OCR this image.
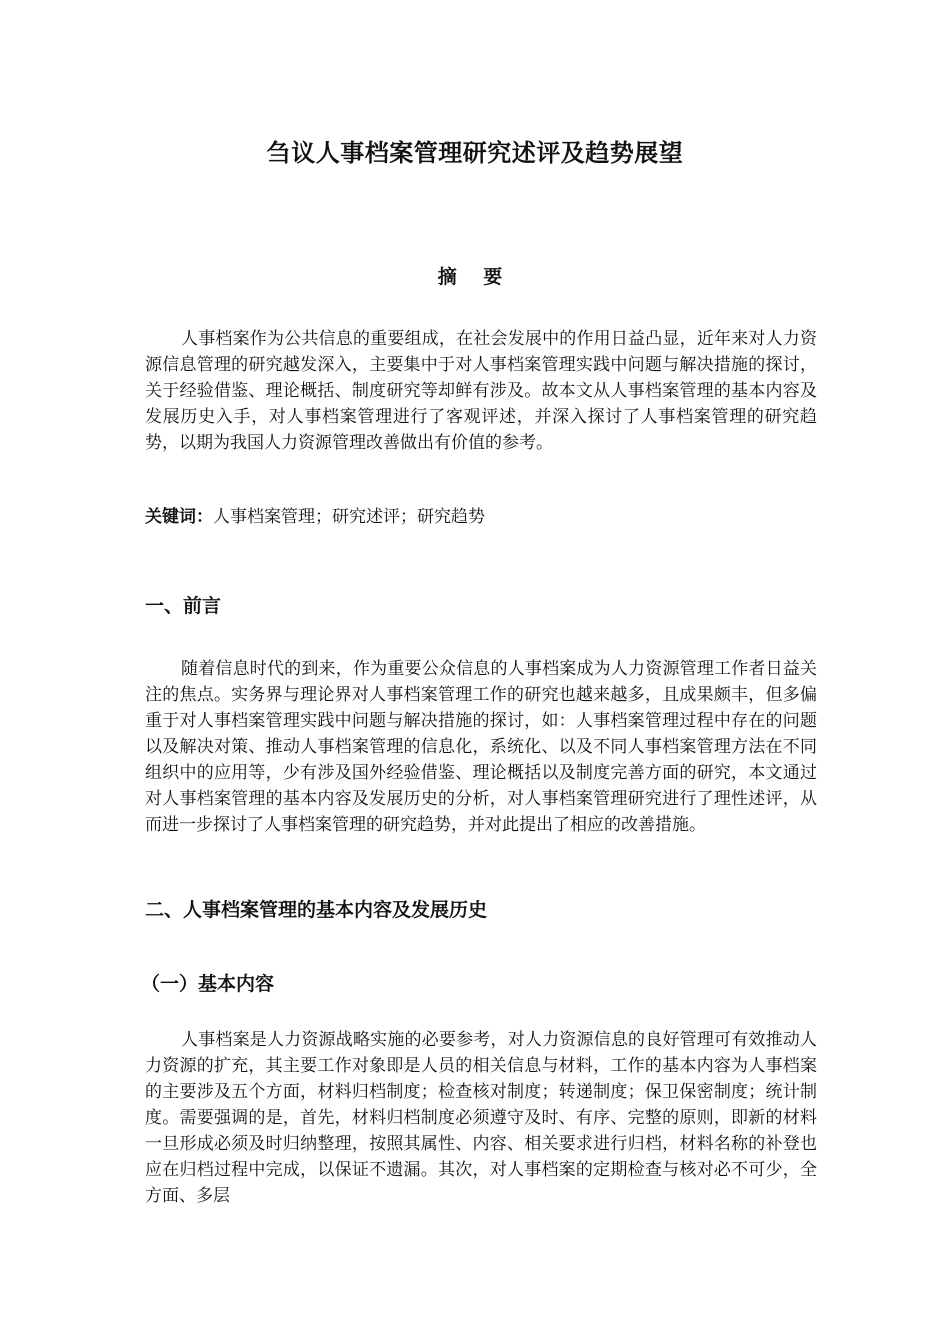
刍议人事档案管理研究述评及趋势展望
摘 要

人事档案作为公共信息的重要组成，在社会发展中的作用日益凸显，近年来对人力资源信息管理的研究越发深入，主要集中于对人事档案管理实践中问题与解决措施的探讨，关于经验借鉴、理论概括、制度研究等却鲜有涉及。故本文从人事档案管理的基本内容及发展历史入手，对人事档案管理进行了客观评述，并深入探讨了人事档案管理的研究趋势，以期为我国人力资源管理改善做出有价值的参考。

关键词：人事档案管理；研究述评；研究趋势

一、前言

随着信息时代的到来，作为重要公众信息的人事档案成为人力资源管理工作者日益关注的焦点。实务界与理论界对人事档案管理工作的研究也越来越多，且成果颇丰，但多偏重于对人事档案管理实践中问题与解决措施的探讨，如：人事档案管理过程中存在的问题以及解决对策、推动人事档案管理的信息化，系统化、以及不同人事档案管理方法在不同组织中的应用等，少有涉及国外经验借鉴、理论概括以及制度完善方面的研究，本文通过对人事档案管理的基本内容及发展历史的分析，对人事档案管理研究进行了理性述评，从而进一步探讨了人事档案管理的研究趋势，并对此提出了相应的改善措施。

二、人事档案管理的基本内容及发展历史
（一）基本内容

人事档案是人力资源战略实施的必要参考，对人力资源信息的良好管理可有效推动人力资源的扩充，其主要工作对象即是人员的相关信息与材料，工作的基本内容为人事档案的主要涉及五个方面，材料归档制度；检查核对制度；转递制度；保卫保密制度；统计制度。需要强调的是，首先，材料归档制度必须遵守及时、有序、完整的原则，即新的材料一旦形成必须及时归纳整理，按照其属性、内容、相关要求进行归档，材料名称的补登也应在归档过程中完成，以保证不遗漏。其次，对人事档案的定期检查与核对必不可少，全方面、多层
